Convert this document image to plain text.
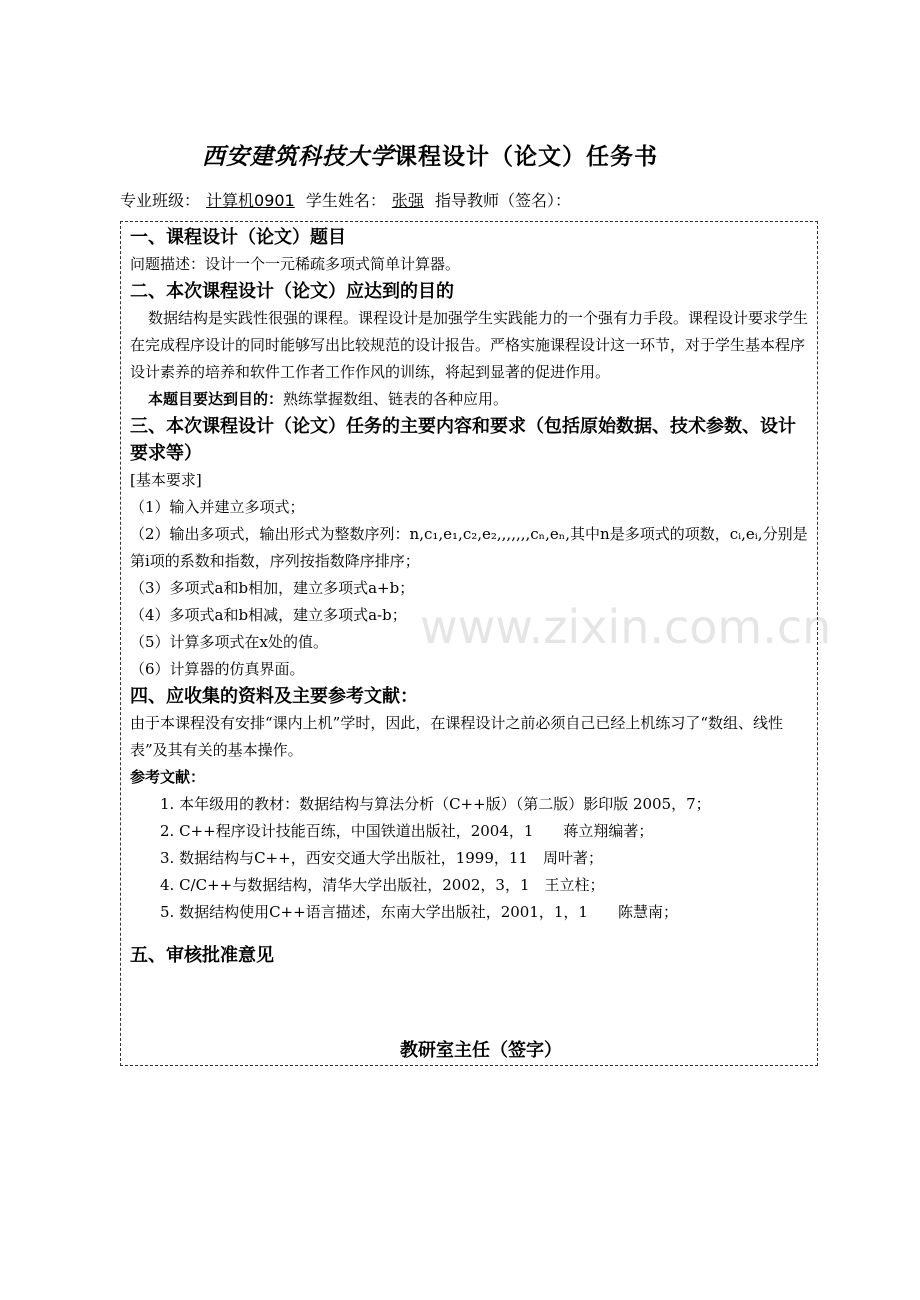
西安建筑科技大学课程设计（论文）任务书
专业班级： 计算机0901 学生姓名： 张强 指导教师（签名）：
www.zixin.com.cn
一、课程设计（论文）题目

问题描述：设计一个一元稀疏多项式简单计算器。

二、本次课程设计（论文）应达到的目的

数据结构是实践性很强的课程。课程设计是加强学生实践能力的一个强有力手段。课程设计要求学生在完成程序设计的同时能够写出比较规范的设计报告。严格实施课程设计这一环节，对于学生基本程序设计素养的培养和软件工作者工作作风的训练，将起到显著的促进作用。

本题目要达到目的：熟练掌握数组、链表的各种应用。

三、本次课程设计（论文）任务的主要内容和要求（包括原始数据、技术参数、设计要求等）

[基本要求]

（1）输入并建立多项式；

（2）输出多项式，输出形式为整数序列：n,c₁,e₁,c₂,e₂,,,,,,,cₙ,eₙ,其中n是多项式的项数，cᵢ,eᵢ,分别是第i项的系数和指数，序列按指数降序排序；

（3）多项式a和b相加，建立多项式a+b；

（4）多项式a和b相减，建立多项式a-b；

（5）计算多项式在x处的值。

（6）计算器的仿真界面。

四、应收集的资料及主要参考文献：

由于本课程没有安排“课内上机”学时，因此，在课程设计之前必须自己已经上机练习了“数组、线性表”及其有关的基本操作。

参考文献：
1. 本年级用的教材：数据结构与算法分析（C++版）（第二版）影印版 2005，7；
2. C++程序设计技能百练，中国铁道出版社，2004，1　　蒋立翔编著；
3. 数据结构与C++，西安交通大学出版社，1999，11　周叶著；
4. C/C++与数据结构，清华大学出版社，2002，3，1　王立柱；
5. 数据结构使用C++语言描述，东南大学出版社，2001，1，1　　陈慧南；
五、审核批准意见
教研室主任（签字）
